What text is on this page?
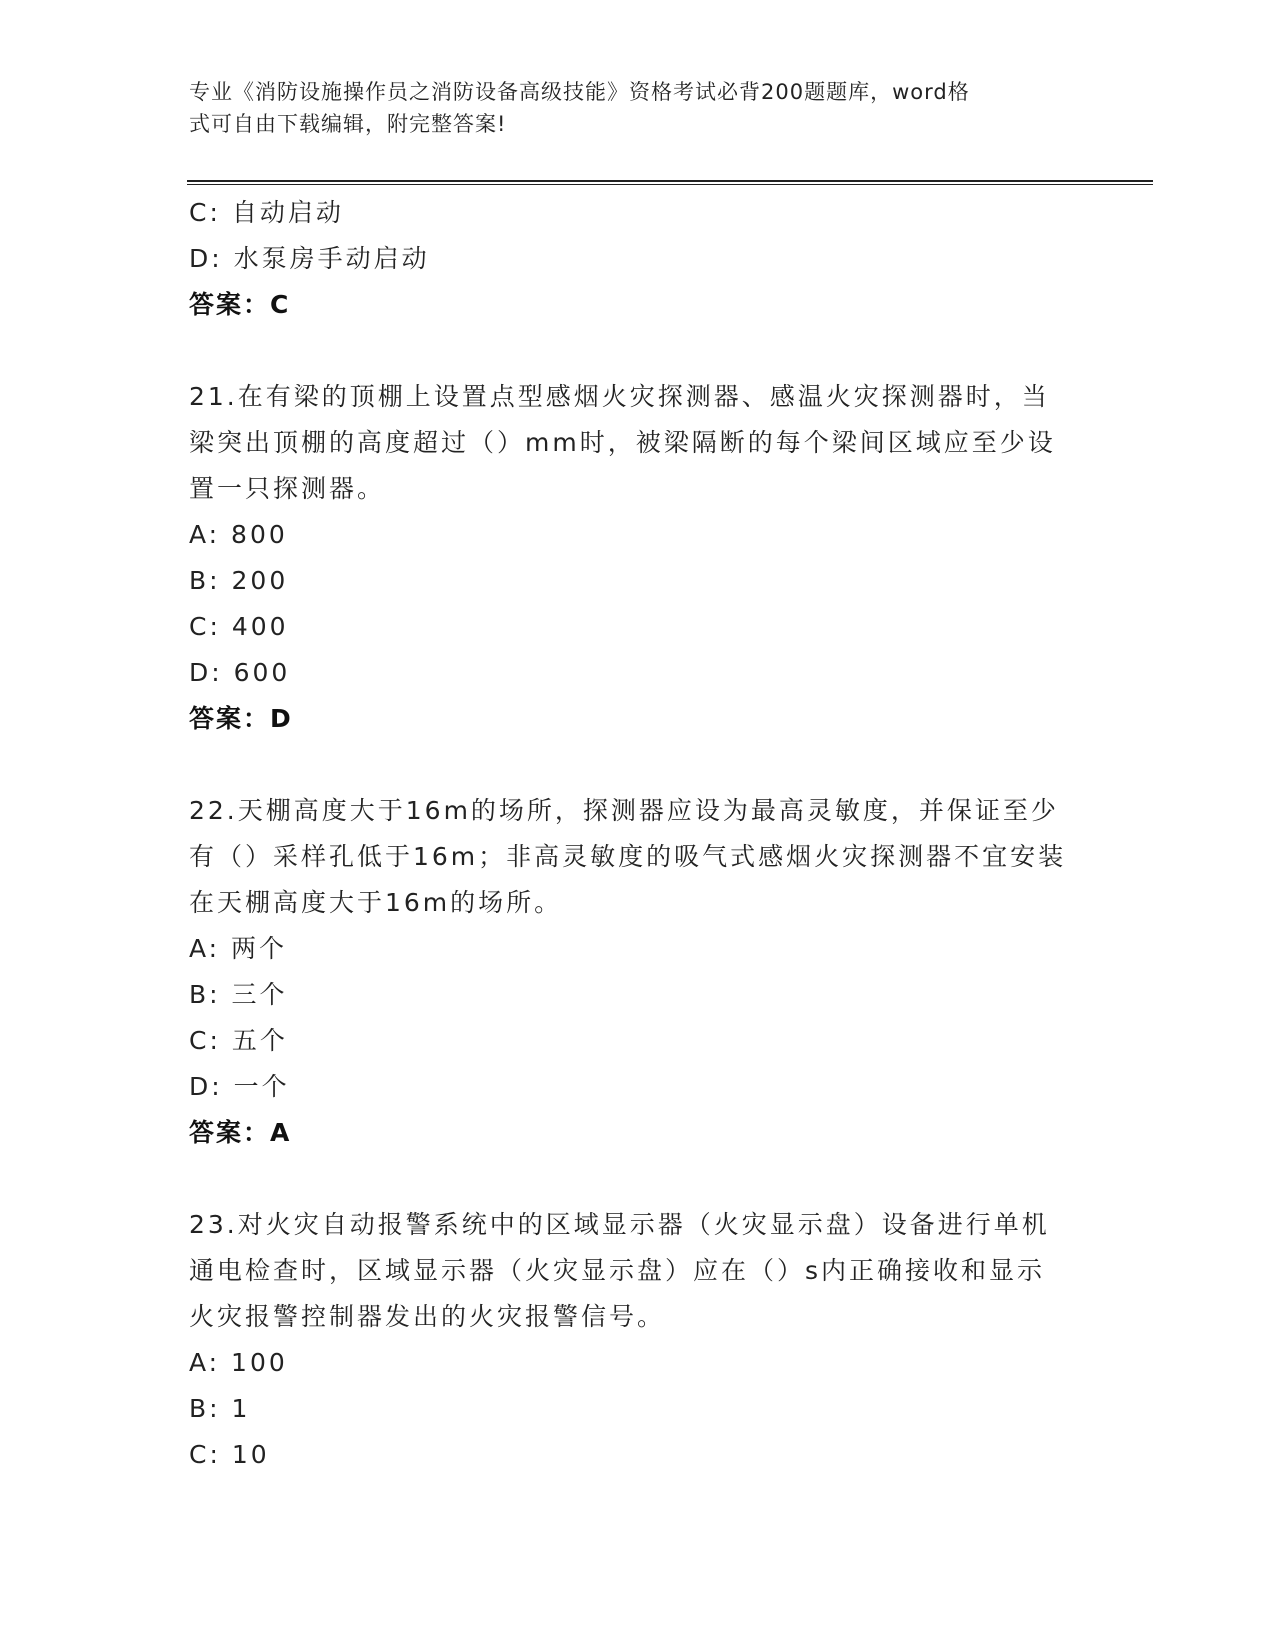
专业《消防设施操作员之消防设备高级技能》资格考试必背200题题库，word格
式可自由下载编辑，附完整答案!
C: 自动启动
D: 水泵房手动启动
答案：C
21.在有梁的顶棚上设置点型感烟火灾探测器、感温火灾探测器时，当
梁突出顶棚的高度超过（）mm时，被梁隔断的每个梁间区域应至少设
置一只探测器。
A: 800
B: 200
C: 400
D: 600
答案：D
22.天棚高度大于16m的场所，探测器应设为最高灵敏度，并保证至少
有（）采样孔低于16m；非高灵敏度的吸气式感烟火灾探测器不宜安装
在天棚高度大于16m的场所。
A: 两个
B: 三个
C: 五个
D: 一个
答案：A
23.对火灾自动报警系统中的区域显示器（火灾显示盘）设备进行单机
通电检查时，区域显示器（火灾显示盘）应在（）s内正确接收和显示
火灾报警控制器发出的火灾报警信号。
A: 100
B: 1
C: 10
